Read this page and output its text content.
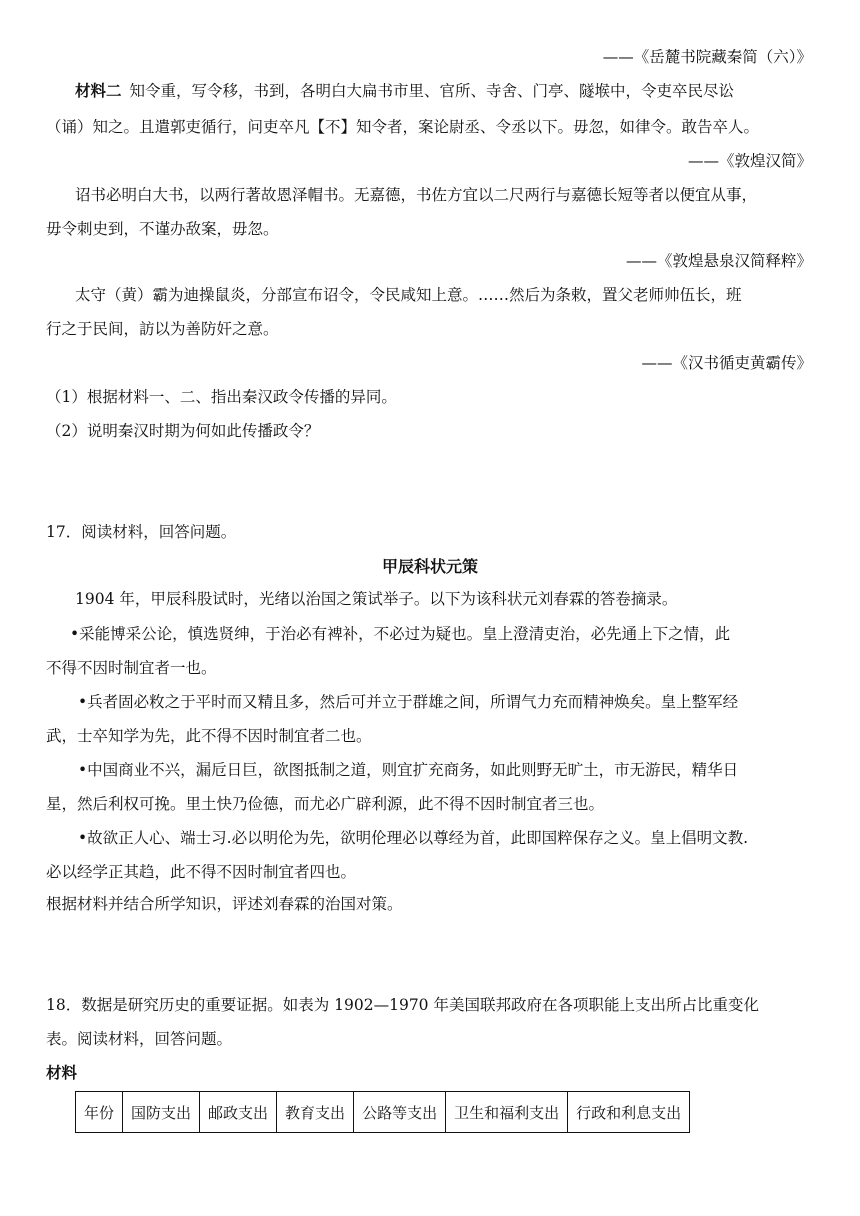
——《岳麓书院藏秦简（六）》
材料二 知令重，写令移，书到，各明白大扁书市里、官所、寺舍、门亭、隧堠中，令吏卒民尽讼
（诵）知之。且遣郭吏循行，问吏卒凡【不】知令者，案论尉丞、令丞以下。毋忽，如律令。敢告卒人。
——《敦煌汉简》
诏书必明白大书，以两行著故恩泽帽书。无嘉德，书佐方宜以二尺两行与嘉德长短等者以便宜从事，
毋令刺史到，不谨办敌案，毋忽。
——《敦煌悬泉汉简释粹》
太守（黄）霸为迪操鼠炎，分部宣布诏令，令民咸知上意。……然后为条敕，置父老师帅伍长，班
行之于民间，訪以为善防奸之意。
——《汉书循吏黄霸传》
（1）根据材料一、二、指出秦汉政令传播的异同。
（2）说明秦汉时期为何如此传播政令？
17．阅读材料，回答问题。
甲辰科状元策
1904 年，甲辰科股试时，光绪以治国之策试举子。以下为该科状元刘春霖的答卷摘录。
•采能博采公论，慎选贤绅，于治必有裨补，不必过为疑也。皇上澄清吏治，必先通上下之情，此
不得不因时制宜者一也。
•兵者固必敉之于平时而又精且多，然后可并立于群雄之间，所谓气力充而精神焕矣。皇上整军经
武，士卒知学为先，此不得不因时制宜者二也。
•中国商业不兴，漏卮日巨，欲图抵制之道，则宜扩充商务，如此则野无旷土，市无游民，精华日
星，然后利权可挽。里土快乃俭德，而尤必广辟利源，此不得不因时制宜者三也。
•故欲正人心、端士习.必以明伦为先，欲明伦理必以尊经为首，此即国粹保存之义。皇上倡明文教.
必以经学正其趋，此不得不因时制宜者四也。
根据材料并结合所学知识，评述刘春霖的治国对策。
18．数据是研究历史的重要证据。如表为 1902—1970 年美国联邦政府在各项职能上支出所占比重变化
表。阅读材料，回答问题。
材料
年份	国防支出	邮政支出	教育支出	公路等支出	卫生和福利支出	行政和利息支出
